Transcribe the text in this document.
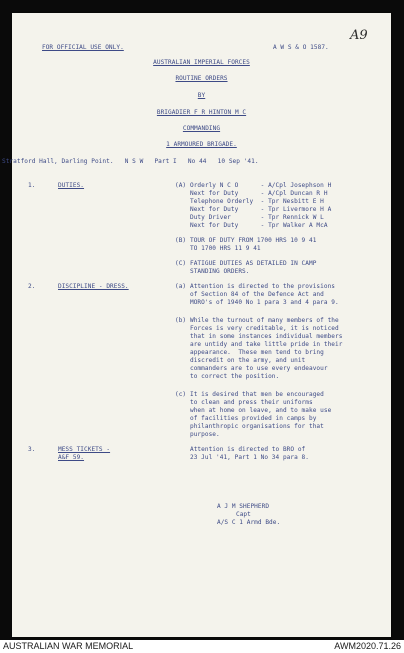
A9
FOR OFFICIAL USE ONLY.	A W S & O 1587.
AUSTRALIAN IMPERIAL FORCES
ROUTINE ORDERS
BY
BRIGADIER F R HINTON M C
COMMANDING
1 ARMOURED BRIGADE.
Stratford Hall, Darling Point.   N S W   Part I   No 44   10 Sep '41.
1.	DUTIES.	(A) Orderly N C O      - A/Cpl Josephson H
Next for Duty      - A/Cpl Duncan R H
Telephone Orderly  - Tpr Nesbitt E H
Next for Duty      - Tpr Livermore H A
Duty Driver        - Tpr Rennick W L
Next for Duty      - Tpr Walker A McA
(B) TOUR OF DUTY FROM 1700 HRS 10 9 41
TO 1700 HRS 11 9 41
(C) FATIGUE DUTIES AS DETAILED IN CAMP
STANDING ORDERS.
2.	DISCIPLINE - DRESS.	(a) Attention is directed to the provisions
of Section 84 of the Defence Act and
MORO's of 1940 No 1 para 3 and 4 para 9.
(b) While the turnout of many members of the
Forces is very creditable, it is noticed
that in some instances individual members
are untidy and take little pride in their
appearance.  These men tend to bring
discredit on the army, and unit
commanders are to use every endeavour
to correct the position.
(c) It is desired that men be encouraged
to clean and press their uniforms
when at home on leave, and to make use
of facilities provided in camps by
philanthropic organisations for that
purpose.
3.	MESS TICKETS -
A&F 59.
Attention is directed to BRO of
23 Jul '41, Part 1 No 34 para 8.
A J M SHEPHERD
Capt
A/S C 1 Armd Bde.
AUSTRALIAN WAR MEMORIAL	AWM2020.71.26
